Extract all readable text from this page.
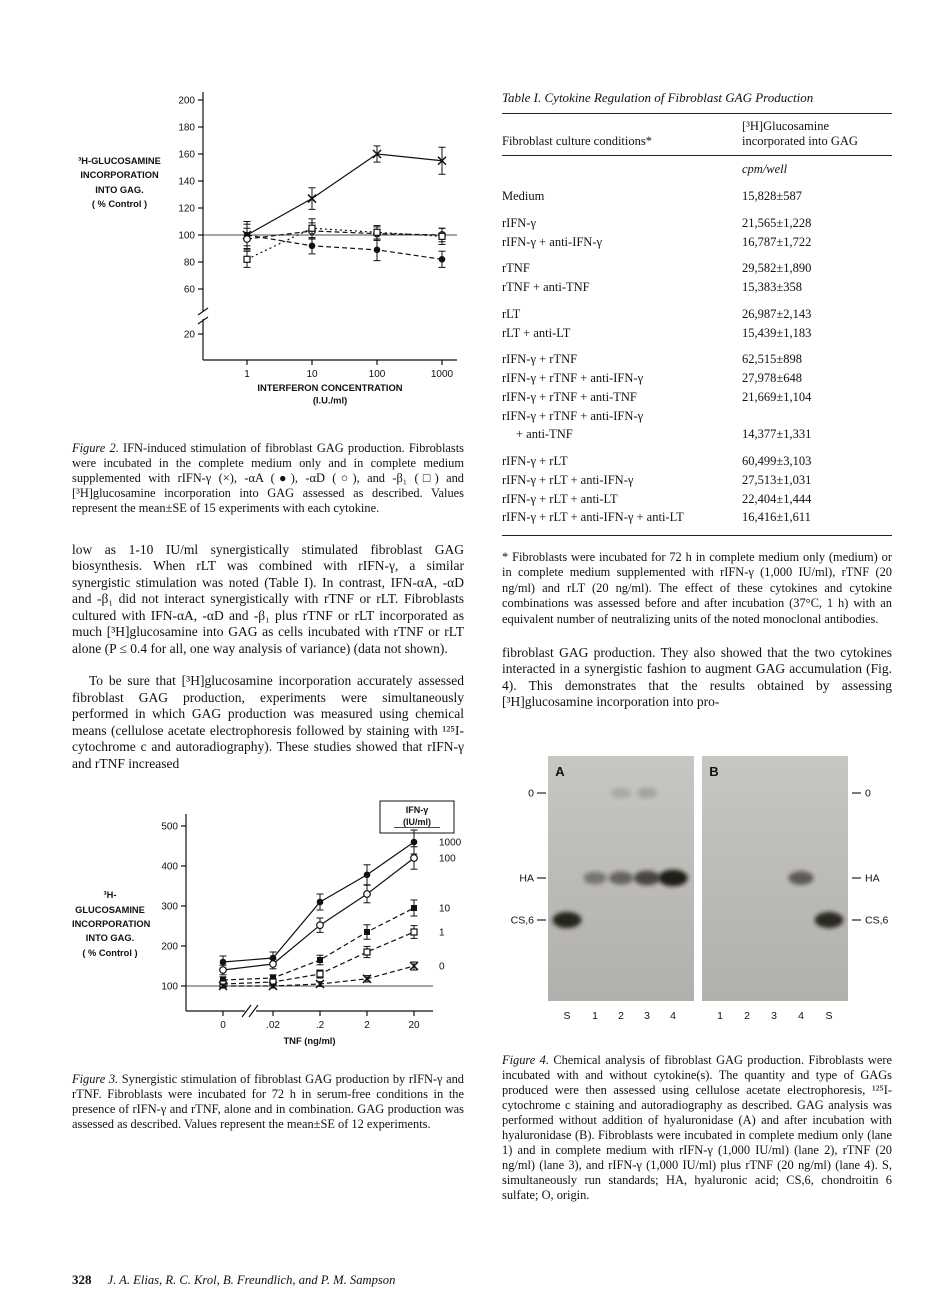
³H-GLUCOSAMINE
INCORPORATION
INTO GAG.
( % Control )
200
180
160
140
120
100
80
60
20
1	10	100	1000
INTERFERON CONCENTRATION
(I.U./ml)

Figure 2. IFN-induced stimulation of fibroblast GAG production. Fibroblasts were incubated in the complete medium only and in complete medium supplemented with rIFN-γ (×), -αA (●), -αD (○), and -β₁ (□) and [³H]glucosamine incorporation into GAG assessed as described. Values represent the mean±SE of 15 experiments with each cytokine.

low as 1-10 IU/ml synergistically stimulated fibroblast GAG biosynthesis. When rLT was combined with rIFN-γ, a similar synergistic stimulation was noted (Table I). In contrast, IFN-αA, -αD and -β₁ did not interact synergistically with rTNF or rLT. Fibroblasts cultured with IFN-αA, -αD and -β₁ plus rTNF or rLT incorporated as much [³H]glucosamine into GAG as cells incubated with rTNF or rLT alone (P ≤ 0.4 for all, one way analysis of variance) (data not shown).

To be sure that [³H]glucosamine incorporation accurately assessed fibroblast GAG production, experiments were simultaneously performed in which GAG production was measured using chemical means (cellulose acetate electrophoresis followed by staining with ¹²⁵I-cytochrome c and autoradiography). These studies showed that rIFN-γ and rTNF increased

³H-GLUCOSAMINE
INCORPORATION
INTO GAG.
( % Control )
500
400
300
200
100
0	.02	.2	2	20
TNF (ng/ml)
IFN-γ
(IU/ml)
1000
100
10
1
0

Figure 3. Synergistic stimulation of fibroblast GAG production by rIFN-γ and rTNF. Fibroblasts were incubated for 72 h in serum-free conditions in the presence of rIFN-γ and rTNF, alone and in combination. GAG production was assessed as described. Values represent the mean±SE of 12 experiments.

Table I. Cytokine Regulation of Fibroblast GAG Production
Fibroblast culture conditions*
[³H]Glucosamine incorporated into GAG
cpm/well
Medium	15,828±587
rIFN-γ	21,565±1,228
rIFN-γ + anti-IFN-γ	16,787±1,722
rTNF	29,582±1,890
rTNF + anti-TNF	15,383±358
rLT	26,987±2,143
rLT + anti-LT	15,439±1,183
rIFN-γ + rTNF	62,515±898
rIFN-γ + rTNF + anti-IFN-γ	27,978±648
rIFN-γ + rTNF + anti-TNF	21,669±1,104
rIFN-γ + rTNF + anti-IFN-γ
+ anti-TNF	14,377±1,331
rIFN-γ + rLT	60,499±3,103
rIFN-γ + rLT + anti-IFN-γ	27,513±1,031
rIFN-γ + rLT + anti-LT	22,404±1,444
rIFN-γ + rLT + anti-IFN-γ + anti-LT	16,416±1,611

* Fibroblasts were incubated for 72 h in complete medium only (medium) or in complete medium supplemented with rIFN-γ (1,000 IU/ml), rTNF (20 ng/ml) and rLT (20 ng/ml). The effect of these cytokines and cytokine combinations was assessed before and after incubation (37°C, 1 h) with an equivalent number of neutralizing units of the noted monoclonal antibodies.

fibroblast GAG production. They also showed that the two cytokines interacted in a synergistic fashion to augment GAG accumulation (Fig. 4). This demonstrates that the results obtained by assessing [³H]glucosamine incorporation into pro-

A	B
S 1 2 3 4	1 2 3 4 S
0	0
HA	HA
CS,6	CS,6

Figure 4. Chemical analysis of fibroblast GAG production. Fibroblasts were incubated with and without cytokine(s). The quantity and type of GAGs produced were then assessed using cellulose acetate electrophoresis, ¹²⁵I-cytochrome c staining and autoradiography as described. GAG analysis was performed without addition of hyaluronidase (A) and after incubation with hyaluronidase (B). Fibroblasts were incubated in complete medium only (lane 1) and in complete medium with rIFN-γ (1,000 IU/ml) (lane 2), rTNF (20 ng/ml) (lane 3), and rIFN-γ (1,000 IU/ml) plus rTNF (20 ng/ml) (lane 4). S, simultaneously run standards; HA, hyaluronic acid; CS,6, chondroitin 6 sulfate; O, origin.

328 J. A. Elias, R. C. Krol, B. Freundlich, and P. M. Sampson
